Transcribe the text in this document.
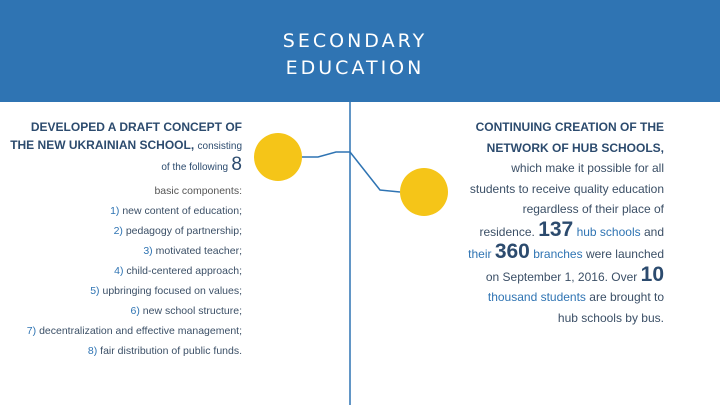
SECONDARY
EDUCATION
DEVELOPED A DRAFT CONCEPT OF THE NEW UKRAINIAN SCHOOL, consisting of the following 8
basic components:
1) new content of education;
2) pedagogy of partnership;
3) motivated teacher;
4) child-centered approach;
5) upbringing focused on values;
6) new school structure;
7) decentralization and effective management;
8) fair distribution of public funds.
CONTINUING CREATION OF THE NETWORK OF HUB SCHOOLS, which make it possible for all students to receive quality education regardless of their place of residence. 137 hub schools and their 360 branches were launched on September 1, 2016. Over 10 thousand students are brought to hub schools by bus.
